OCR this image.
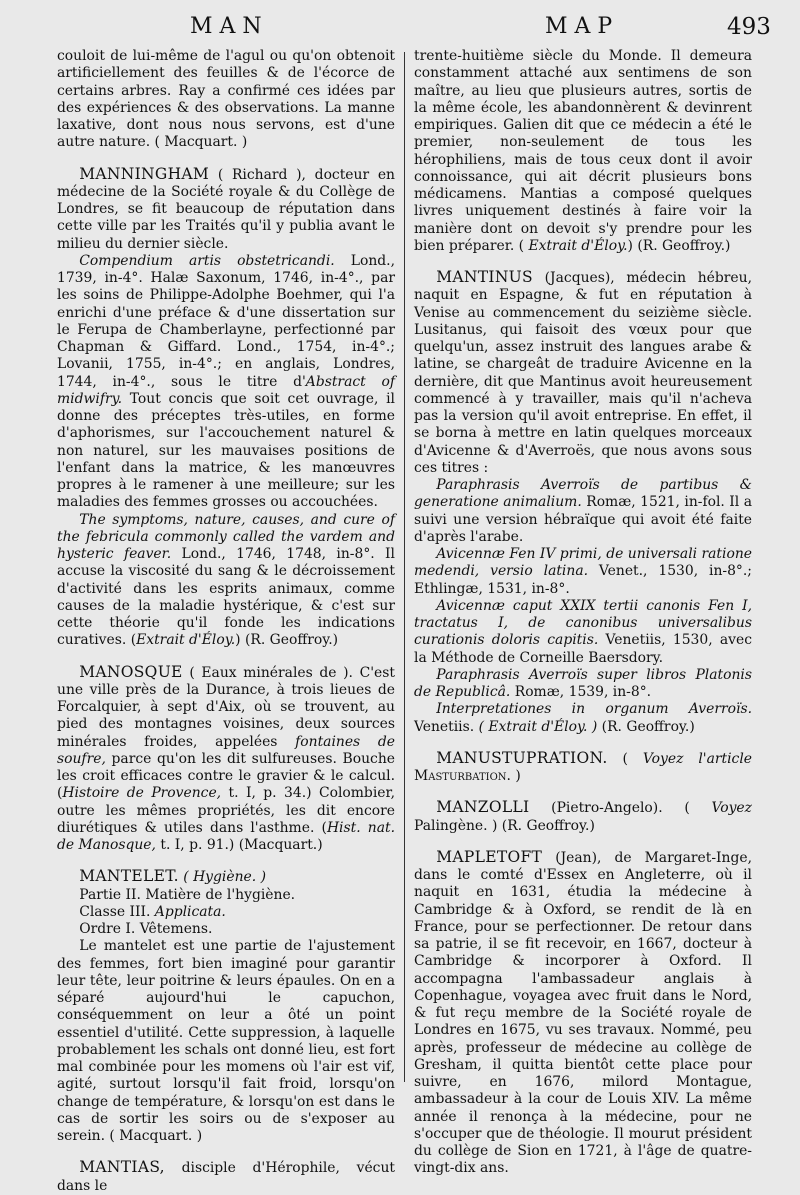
MAN	MAP	493

couloit de lui-même de l'agul ou qu'on obtenoit artificiellement des feuilles & de l'écorce de certains arbres. Ray a confirmé ces idées par des expériences & des observations. La manne laxative, dont nous nous servons, est d'une autre nature. ( Macquart. )

MANNINGHAM ( Richard ), docteur en médecine de la Société royale & du Collège de Londres, se fit beaucoup de réputation dans cette ville par les Traités qu'il y publia avant le milieu du dernier siècle.

Compendium artis obstetricandi. Lond., 1739, in-4°. Halæ Saxonum, 1746, in-4°., par les soins de Philippe-Adolphe Boehmer, qui l'a enrichi d'une préface & d'une dissertation sur le Ferupa de Chamberlayne, perfectionné par Chapman & Giffard. Lond., 1754, in-4°.; Lovanii, 1755, in-4°.; en anglais, Londres, 1744, in-4°., sous le titre d'Abstract of midwifry. Tout concis que soit cet ouvrage, il donne des préceptes très-utiles, en forme d'aphorismes, sur l'accouchement naturel & non naturel, sur les mauvaises positions de l'enfant dans la matrice, & les manœuvres propres à le ramener à une meilleure; sur les maladies des femmes grosses ou accouchées.

The symptoms, nature, causes, and cure of the febricula commonly called the vardem and hysteric feaver. Lond., 1746, 1748, in-8°. Il accuse la viscosité du sang & le décroissement d'activité dans les esprits animaux, comme causes de la maladie hystérique, & c'est sur cette théorie qu'il fonde les indications curatives. (Extrait d'Éloy.) (R. Geoffroy.)

MANOSQUE ( Eaux minérales de ). C'est une ville près de la Durance, à trois lieues de Forcalquier, à sept d'Aix, où se trouvent, au pied des montagnes voisines, deux sources minérales froides, appelées fontaines de soufre, parce qu'on les dit sulfureuses. Bouche les croit efficaces contre le gravier & le calcul. (Histoire de Provence, t. I, p. 34.) Colombier, outre les mêmes propriétés, les dit encore diurétiques & utiles dans l'asthme. (Hist. nat. de Manosque, t. I, p. 91.) (Macquart.)

MANTELET. ( Hygiène. )

Partie II. Matière de l'hygiène.

Classe III. Applicata.

Ordre I. Vêtemens.

Le mantelet est une partie de l'ajustement des femmes, fort bien imaginé pour garantir leur tête, leur poitrine & leurs épaules. On en a séparé aujourd'hui le capuchon, conséquemment on leur a ôté un point essentiel d'utilité. Cette suppression, à laquelle probablement les schals ont donné lieu, est fort mal combinée pour les momens où l'air est vif, agité, surtout lorsqu'il fait froid, lorsqu'on change de température, & lorsqu'on est dans le cas de sortir les soirs ou de s'exposer au serein. ( Macquart. )

MANTIAS, disciple d'Hérophile, vécut dans le

trente-huitième siècle du Monde. Il demeura constamment attaché aux sentimens de son maître, au lieu que plusieurs autres, sortis de la même école, les abandonnèrent & devinrent empiriques. Galien dit que ce médecin a été le premier, non-seulement de tous les hérophiliens, mais de tous ceux dont il avoir connoissance, qui ait décrit plusieurs bons médicamens. Mantias a composé quelques livres uniquement destinés à faire voir la manière dont on devoit s'y prendre pour les bien préparer. ( Extrait d'Éloy.) (R. Geoffroy.)

MANTINUS (Jacques), médecin hébreu, naquit en Espagne, & fut en réputation à Venise au commencement du seizième siècle. Lusitanus, qui faisoit des vœux pour que quelqu'un, assez instruit des langues arabe & latine, se chargeât de traduire Avicenne en la dernière, dit que Mantinus avoit heureusement commencé à y travailler, mais qu'il n'acheva pas la version qu'il avoit entreprise. En effet, il se borna à mettre en latin quelques morceaux d'Avicenne & d'Averroës, que nous avons sous ces titres :

Paraphrasis Averroïs de partibus & generatione animalium. Romæ, 1521, in-fol. Il a suivi une version hébraïque qui avoit été faite d'après l'arabe.

Avicennæ Fen IV primi, de universali ratione medendi, versio latina. Venet., 1530, in-8°.; Ethlingæ, 1531, in-8°.

Avicennæ caput XXIX tertii canonis Fen I, tractatus I, de canonibus universalibus curationis doloris capitis. Venetiis, 1530, avec la Méthode de Corneille Baersdory.

Paraphrasis Averroïs super libros Platonis de Republicâ. Romæ, 1539, in-8°.

Interpretationes in organum Averroïs. Venetiis. ( Extrait d'Éloy. ) (R. Geoffroy.)

MANUSTUPRATION. ( Voyez l'article Masturbation. )

MANZOLLI (Pietro-Angelo). ( Voyez Palingène. ) (R. Geoffroy.)

MAPLETOFT (Jean), de Margaret-Inge, dans le comté d'Essex en Angleterre, où il naquit en 1631, étudia la médecine à Cambridge & à Oxford, se rendit de là en France, pour se perfectionner. De retour dans sa patrie, il se fit recevoir, en 1667, docteur à Cambridge & incorporer à Oxford. Il accompagna l'ambassadeur anglais à Copenhague, voyagea avec fruit dans le Nord, & fut reçu membre de la Société royale de Londres en 1675, vu ses travaux. Nommé, peu après, professeur de médecine au collège de Gresham, il quitta bientôt cette place pour suivre, en 1676, milord Montague, ambassadeur à la cour de Louis XIV. La même année il renonça à la médecine, pour ne s'occuper que de théologie. Il mourut président du collège de Sion en 1721, à l'âge de quatre-vingt-dix ans.
